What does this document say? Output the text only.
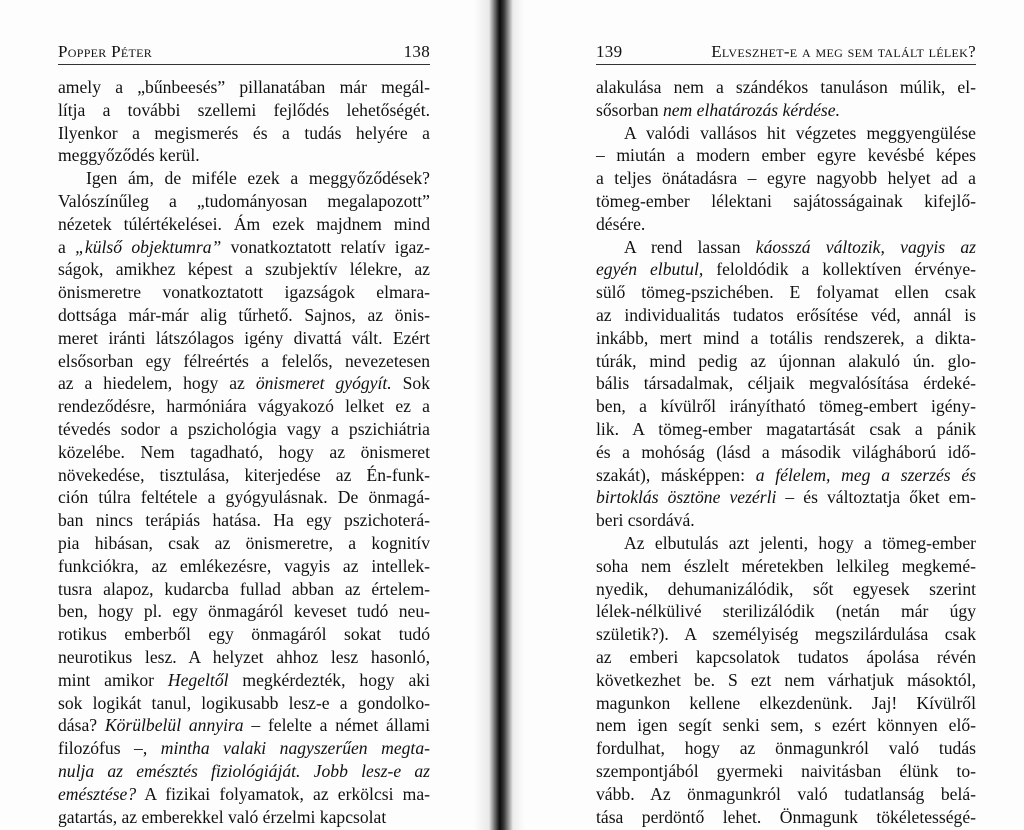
Popper Péter	138
amely a „bűnbeesés” pillanatában már megál-
lítja a további szellemi fejlődés lehetőségét.
Ilyenkor a megismerés és a tudás helyére a
meggyőződés kerül.
Igen ám, de miféle ezek a meggyőződések?
Valószínűleg a „tudományosan megalapozott”
nézetek túlértékelései. Ám ezek majdnem mind
a „külső objektumra” vonatkoztatott relatív igaz-
ságok, amikhez képest a szubjektív lélekre, az
önismeretre vonatkoztatott igazságok elmara-
dottsága már-már alig tűrhető. Sajnos, az önis-
meret iránti látszólagos igény divattá vált. Ezért
elsősorban egy félreértés a felelős, nevezetesen
az a hiedelem, hogy az önismeret gyógyít. Sok
rendeződésre, harmóniára vágyakozó lelket ez a
tévedés sodor a pszichológia vagy a pszichiátria
közelébe. Nem tagadható, hogy az önismeret
növekedése, tisztulása, kiterjedése az Én-funk-
ción túlra feltétele a gyógyulásnak. De önmagá-
ban nincs terápiás hatása. Ha egy pszichoterá-
pia hibásan, csak az önismeretre, a kognitív
funkciókra, az emlékezésre, vagyis az intellek-
tusra alapoz, kudarcba fullad abban az értelem-
ben, hogy pl. egy önmagáról keveset tudó neu-
rotikus emberből egy önmagáról sokat tudó
neurotikus lesz. A helyzet ahhoz lesz hasonló,
mint amikor Hegeltől megkérdezték, hogy aki
sok logikát tanul, logikusabb lesz-e a gondolko-
dása? Körülbelül annyira – felelte a német állami
filozófus –, mintha valaki nagyszerűen megta-
nulja az emésztés fiziológiáját. Jobb lesz-e az
emésztése? A fizikai folyamatok, az erkölcsi ma-
gatartás, az emberekkel való érzelmi kapcsolat
139	Elveszhet-e a meg sem talált lélek?
alakulása nem a szándékos tanuláson múlik, el-
sősorban nem elhatározás kérdése.
A valódi vallásos hit végzetes meggyengülése
– miután a modern ember egyre kevésbé képes
a teljes önátadásra – egyre nagyobb helyet ad a
tömeg-ember lélektani sajátosságainak kifejlő-
désére.
A rend lassan káosszá változik, vagyis az
egyén elbutul, feloldódik a kollektíven érvénye-
sülő tömeg-pszichében. E folyamat ellen csak
az individualitás tudatos erősítése véd, annál is
inkább, mert mind a totális rendszerek, a dikta-
túrák, mind pedig az újonnan alakuló ún. glo-
bális társadalmak, céljaik megvalósítása érdeké-
ben, a kívülről irányítható tömeg-embert igény-
lik. A tömeg-ember magatartását csak a pánik
és a mohóság (lásd a második világháború idő-
szakát), másképpen: a félelem, meg a szerzés és
birtoklás ösztöne vezérli – és változtatja őket em-
beri csordává.
Az elbutulás azt jelenti, hogy a tömeg-ember
soha nem észlelt méretekben lelkileg megkemé-
nyedik, dehumanizálódik, sőt egyesek szerint
lélek-nélkülivé sterilizálódik (netán már úgy
születik?). A személyiség megszilárdulása csak
az emberi kapcsolatok tudatos ápolása révén
következhet be. S ezt nem várhatjuk másoktól,
magunkon kellene elkezdenünk. Jaj! Kívülről
nem igen segít senki sem, s ezért könnyen elő-
fordulhat, hogy az önmagunkról való tudás
szempontjából gyermeki naivitásban élünk to-
vább. Az önmagunkról való tudatlanság belá-
tása perdöntő lehet. Önmagunk tökéletességé-
